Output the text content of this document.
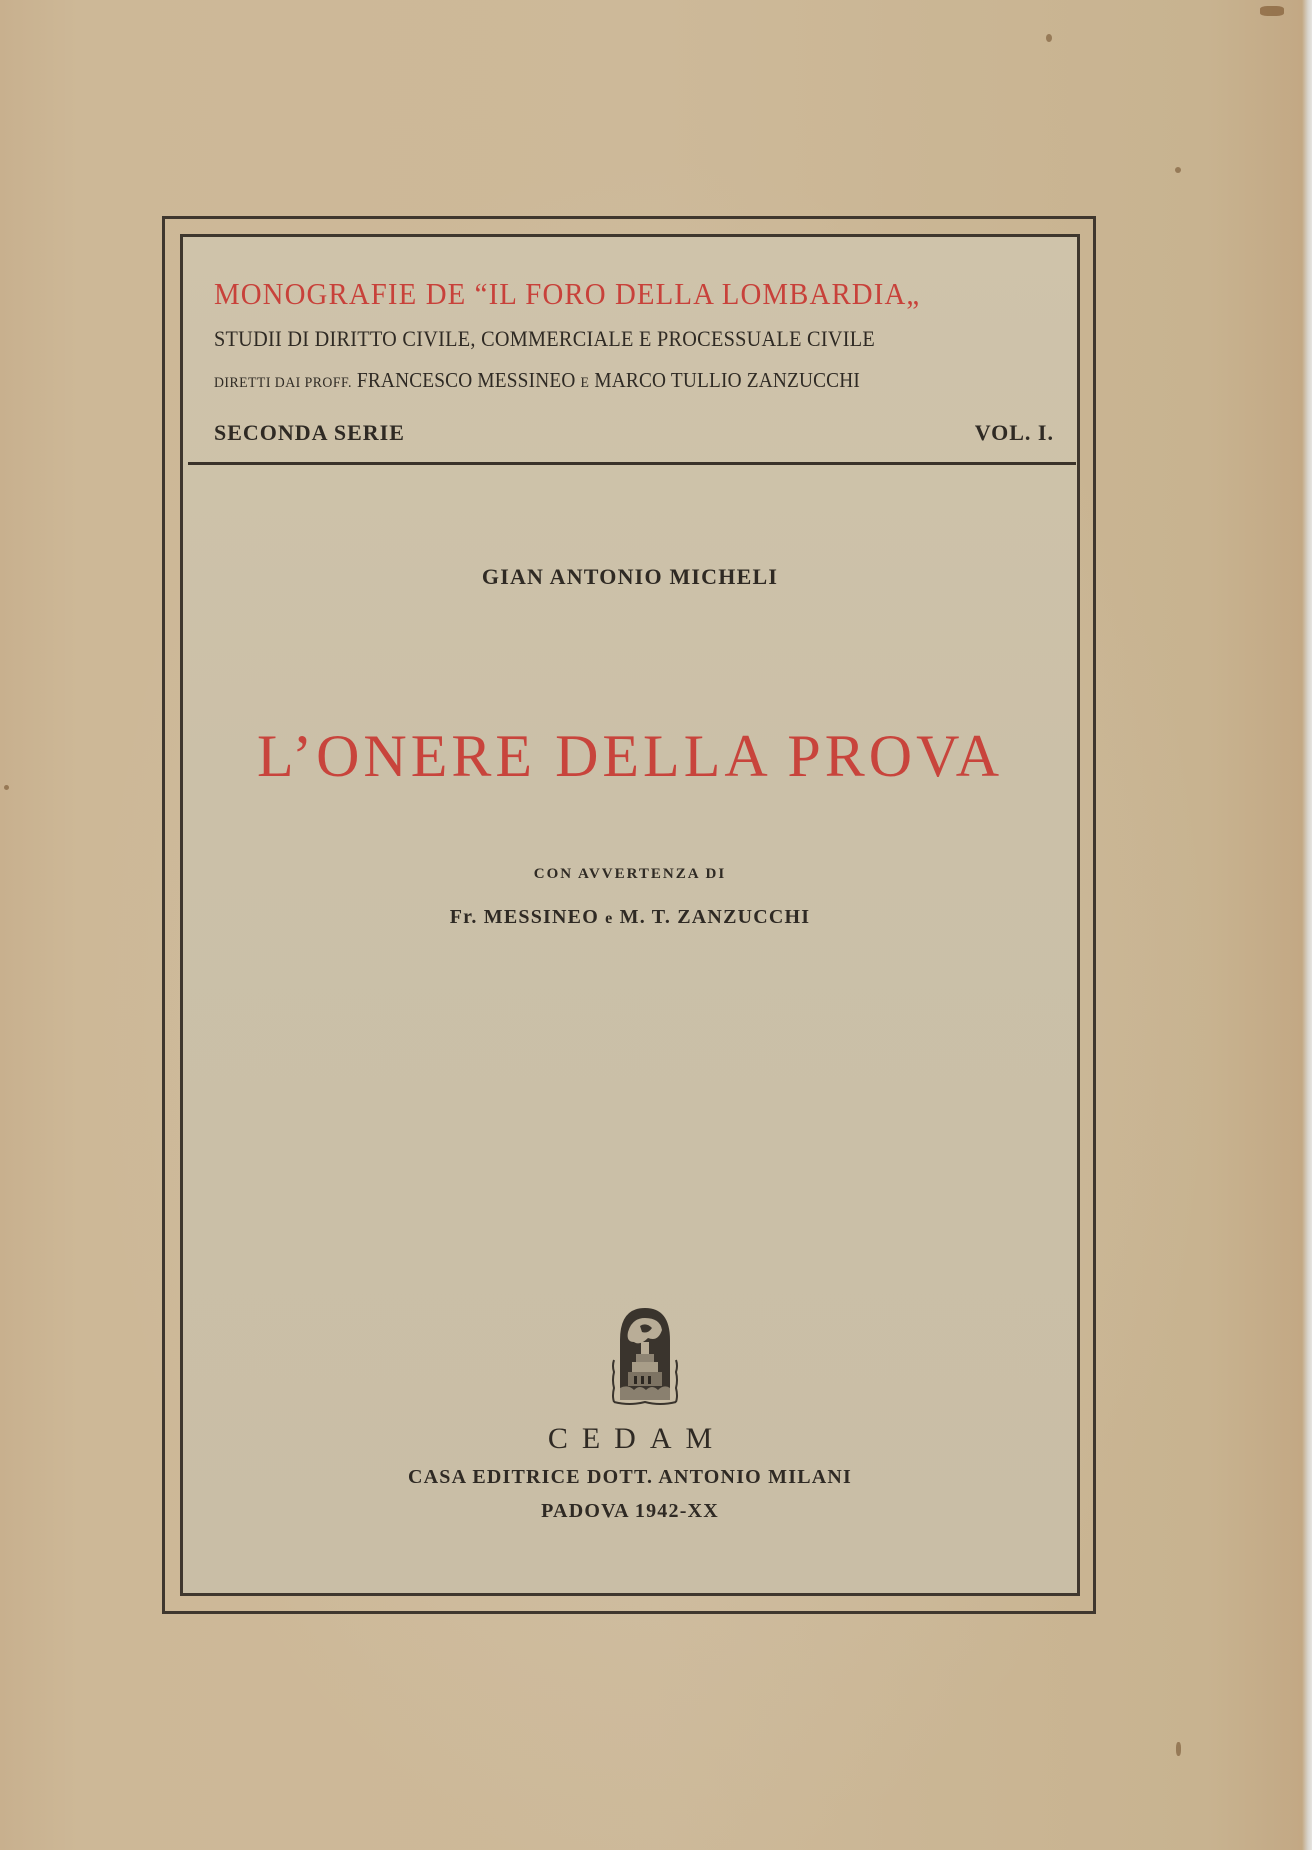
MONOGRAFIE DE “IL FORO DELLA LOMBARDIA„
STUDII DI DIRITTO CIVILE, COMMERCIALE E PROCESSUALE CIVILE
DIRETTI DAI PROFF. FRANCESCO MESSINEO E MARCO TULLIO ZANZUCCHI
SECONDA SERIE	VOL. I.
GIAN ANTONIO MICHELI
L’ONERE DELLA PROVA
CON AVVERTENZA DI
Fr. MESSINEO e M. T. ZANZUCCHI
CEDAM
CASA EDITRICE DOTT. ANTONIO MILANI
PADOVA 1942-XX
